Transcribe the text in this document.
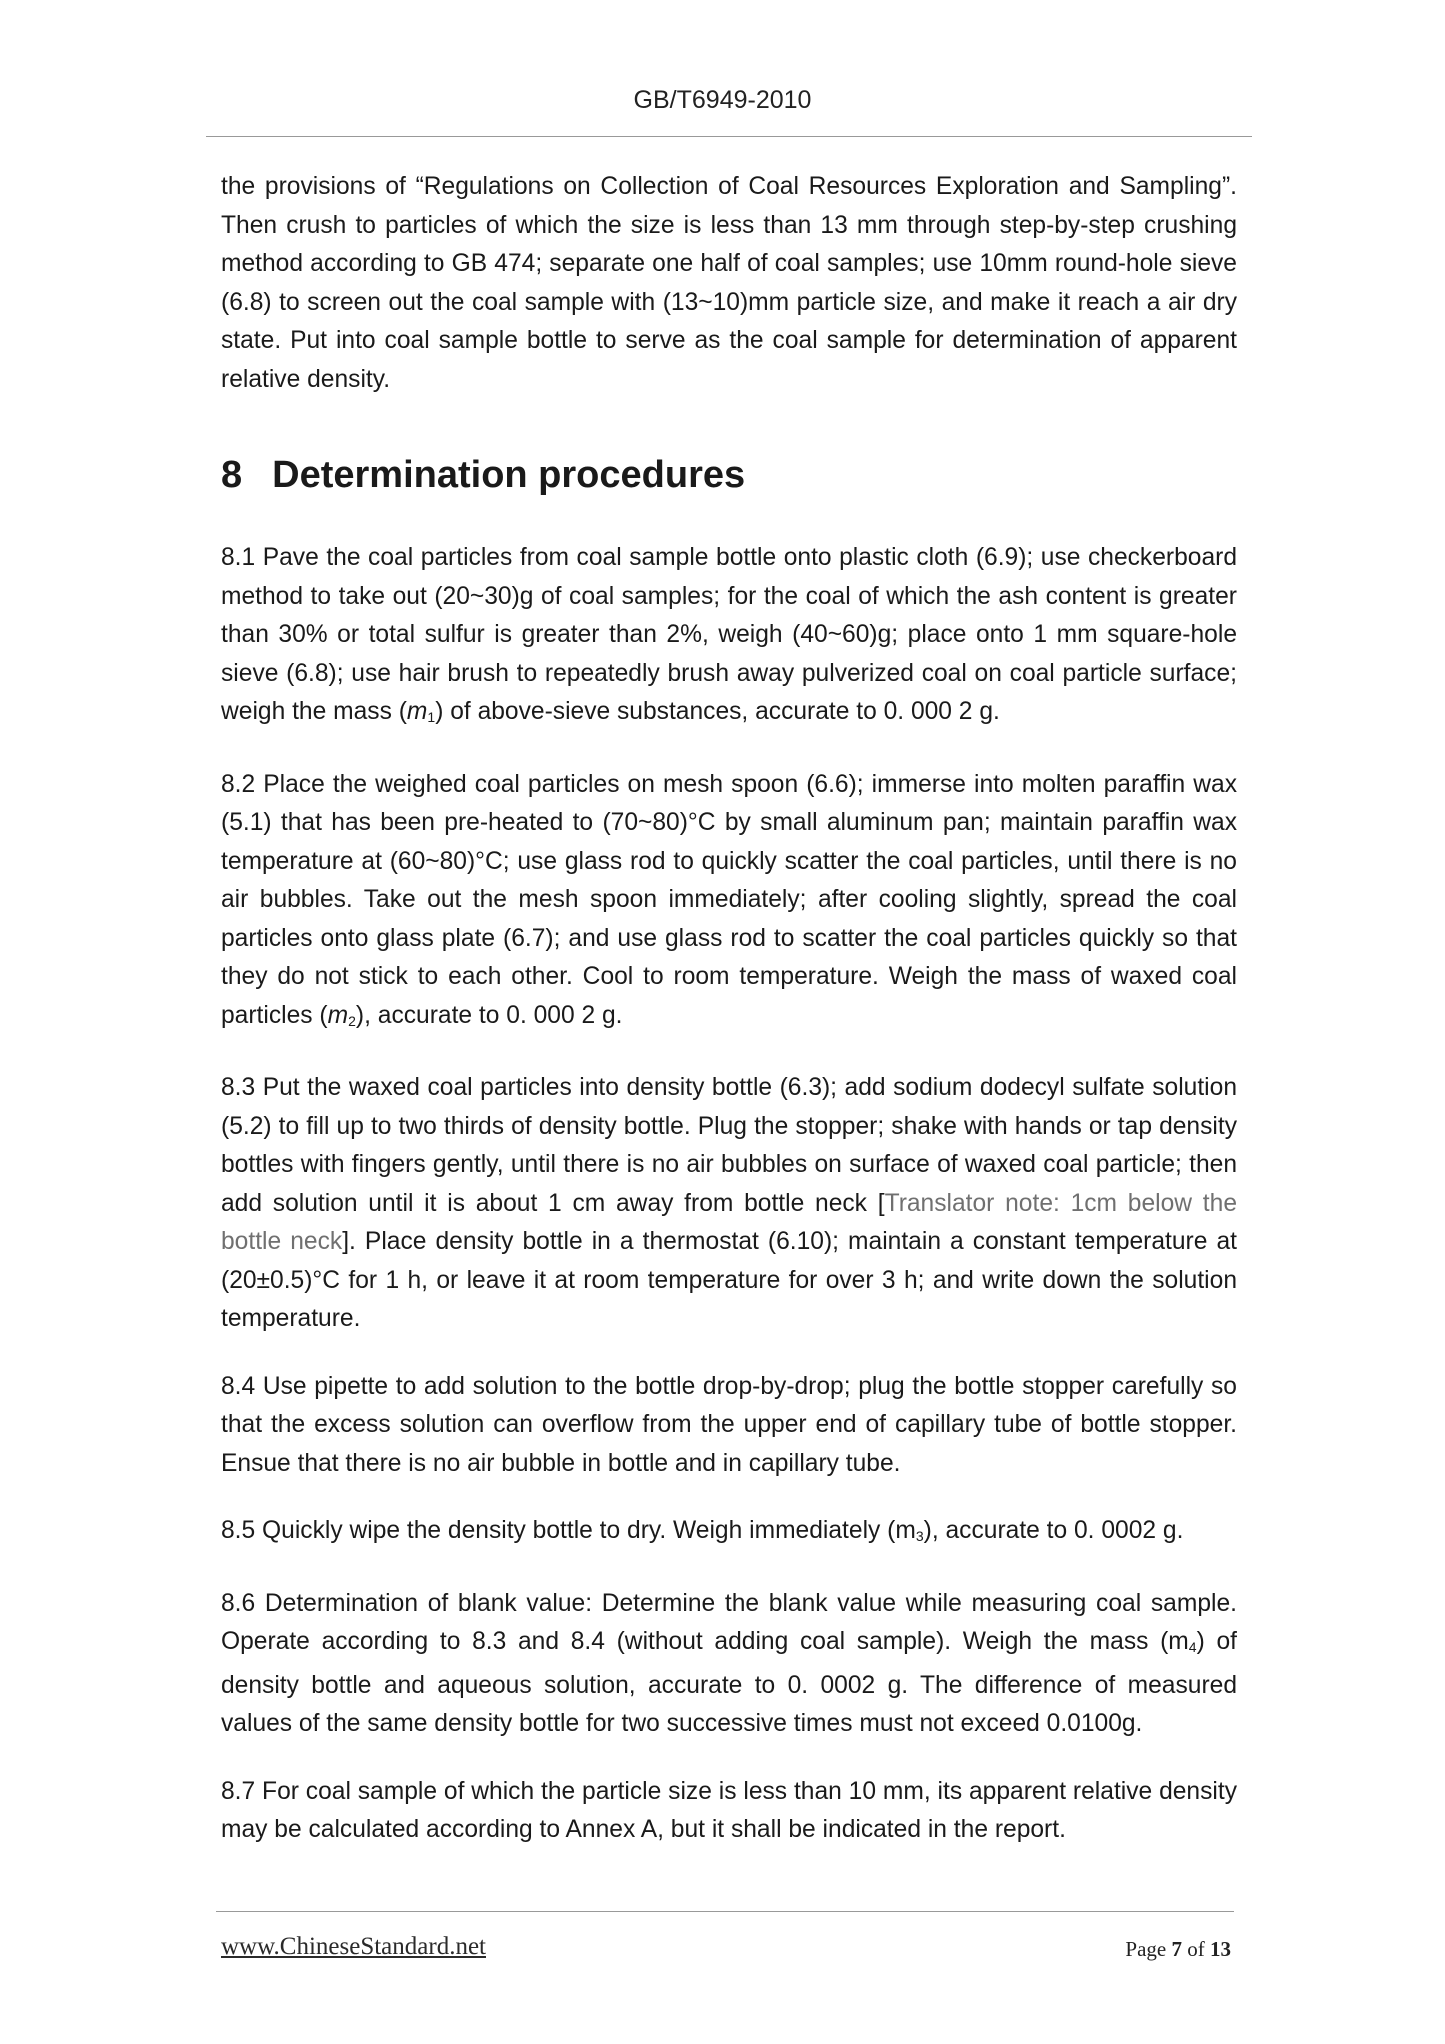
GB/T6949-2010

the provisions of “Regulations on Collection of Coal Resources Exploration and Sampling”. Then crush to particles of which the size is less than 13 mm through step-by-step crushing method according to GB 474; separate one half of coal samples; use 10mm round-hole sieve (6.8) to screen out the coal sample with (13~10)mm particle size, and make it reach a air dry state. Put into coal sample bottle to serve as the coal sample for determination of apparent relative density.

8 Determination procedures

8.1 Pave the coal particles from coal sample bottle onto plastic cloth (6.9); use checkerboard method to take out (20~30)g of coal samples; for the coal of which the ash content is greater than 30% or total sulfur is greater than 2%, weigh (40~60)g; place onto 1 mm square-hole sieve (6.8); use hair brush to repeatedly brush away pulverized coal on coal particle surface; weigh the mass $(m_1)$ of above-sieve substances, accurate to 0. 000 2 g.

8.2 Place the weighed coal particles on mesh spoon (6.6); immerse into molten paraffin wax (5.1) that has been pre-heated to (70~80)°C by small aluminum pan; maintain paraffin wax temperature at (60~80)°C; use glass rod to quickly scatter the coal particles, until there is no air bubbles. Take out the mesh spoon immediately; after cooling slightly, spread the coal particles onto glass plate (6.7); and use glass rod to scatter the coal particles quickly so that they do not stick to each other. Cool to room temperature. Weigh the mass of waxed coal particles $(m_2)$, accurate to 0. 000 2 g.

8.3 Put the waxed coal particles into density bottle (6.3); add sodium dodecyl sulfate solution (5.2) to fill up to two thirds of density bottle. Plug the stopper; shake with hands or tap density bottles with fingers gently, until there is no air bubbles on surface of waxed coal particle; then add solution until it is about 1 cm away from bottle neck [Translator note: 1cm below the bottle neck]. Place density bottle in a thermostat (6.10); maintain a constant temperature at (20±0.5)°C for 1 h, or leave it at room temperature for over 3 h; and write down the solution temperature.

8.4 Use pipette to add solution to the bottle drop-by-drop; plug the bottle stopper carefully so that the excess solution can overflow from the upper end of capillary tube of bottle stopper. Ensue that there is no air bubble in bottle and in capillary tube.

8.5 Quickly wipe the density bottle to dry. Weigh immediately $(m_3)$, accurate to 0. 0002 g.

8.6 Determination of blank value: Determine the blank value while measuring coal sample. Operate according to 8.3 and 8.4 (without adding coal sample). Weigh the mass $(m_4)$ of density bottle and aqueous solution, accurate to 0. 0002 g. The difference of measured values of the same density bottle for two successive times must not exceed 0.0100g.

8.7 For coal sample of which the particle size is less than 10 mm, its apparent relative density may be calculated according to Annex A, but it shall be indicated in the report.

www.ChineseStandard.net	Page 7 of 13
